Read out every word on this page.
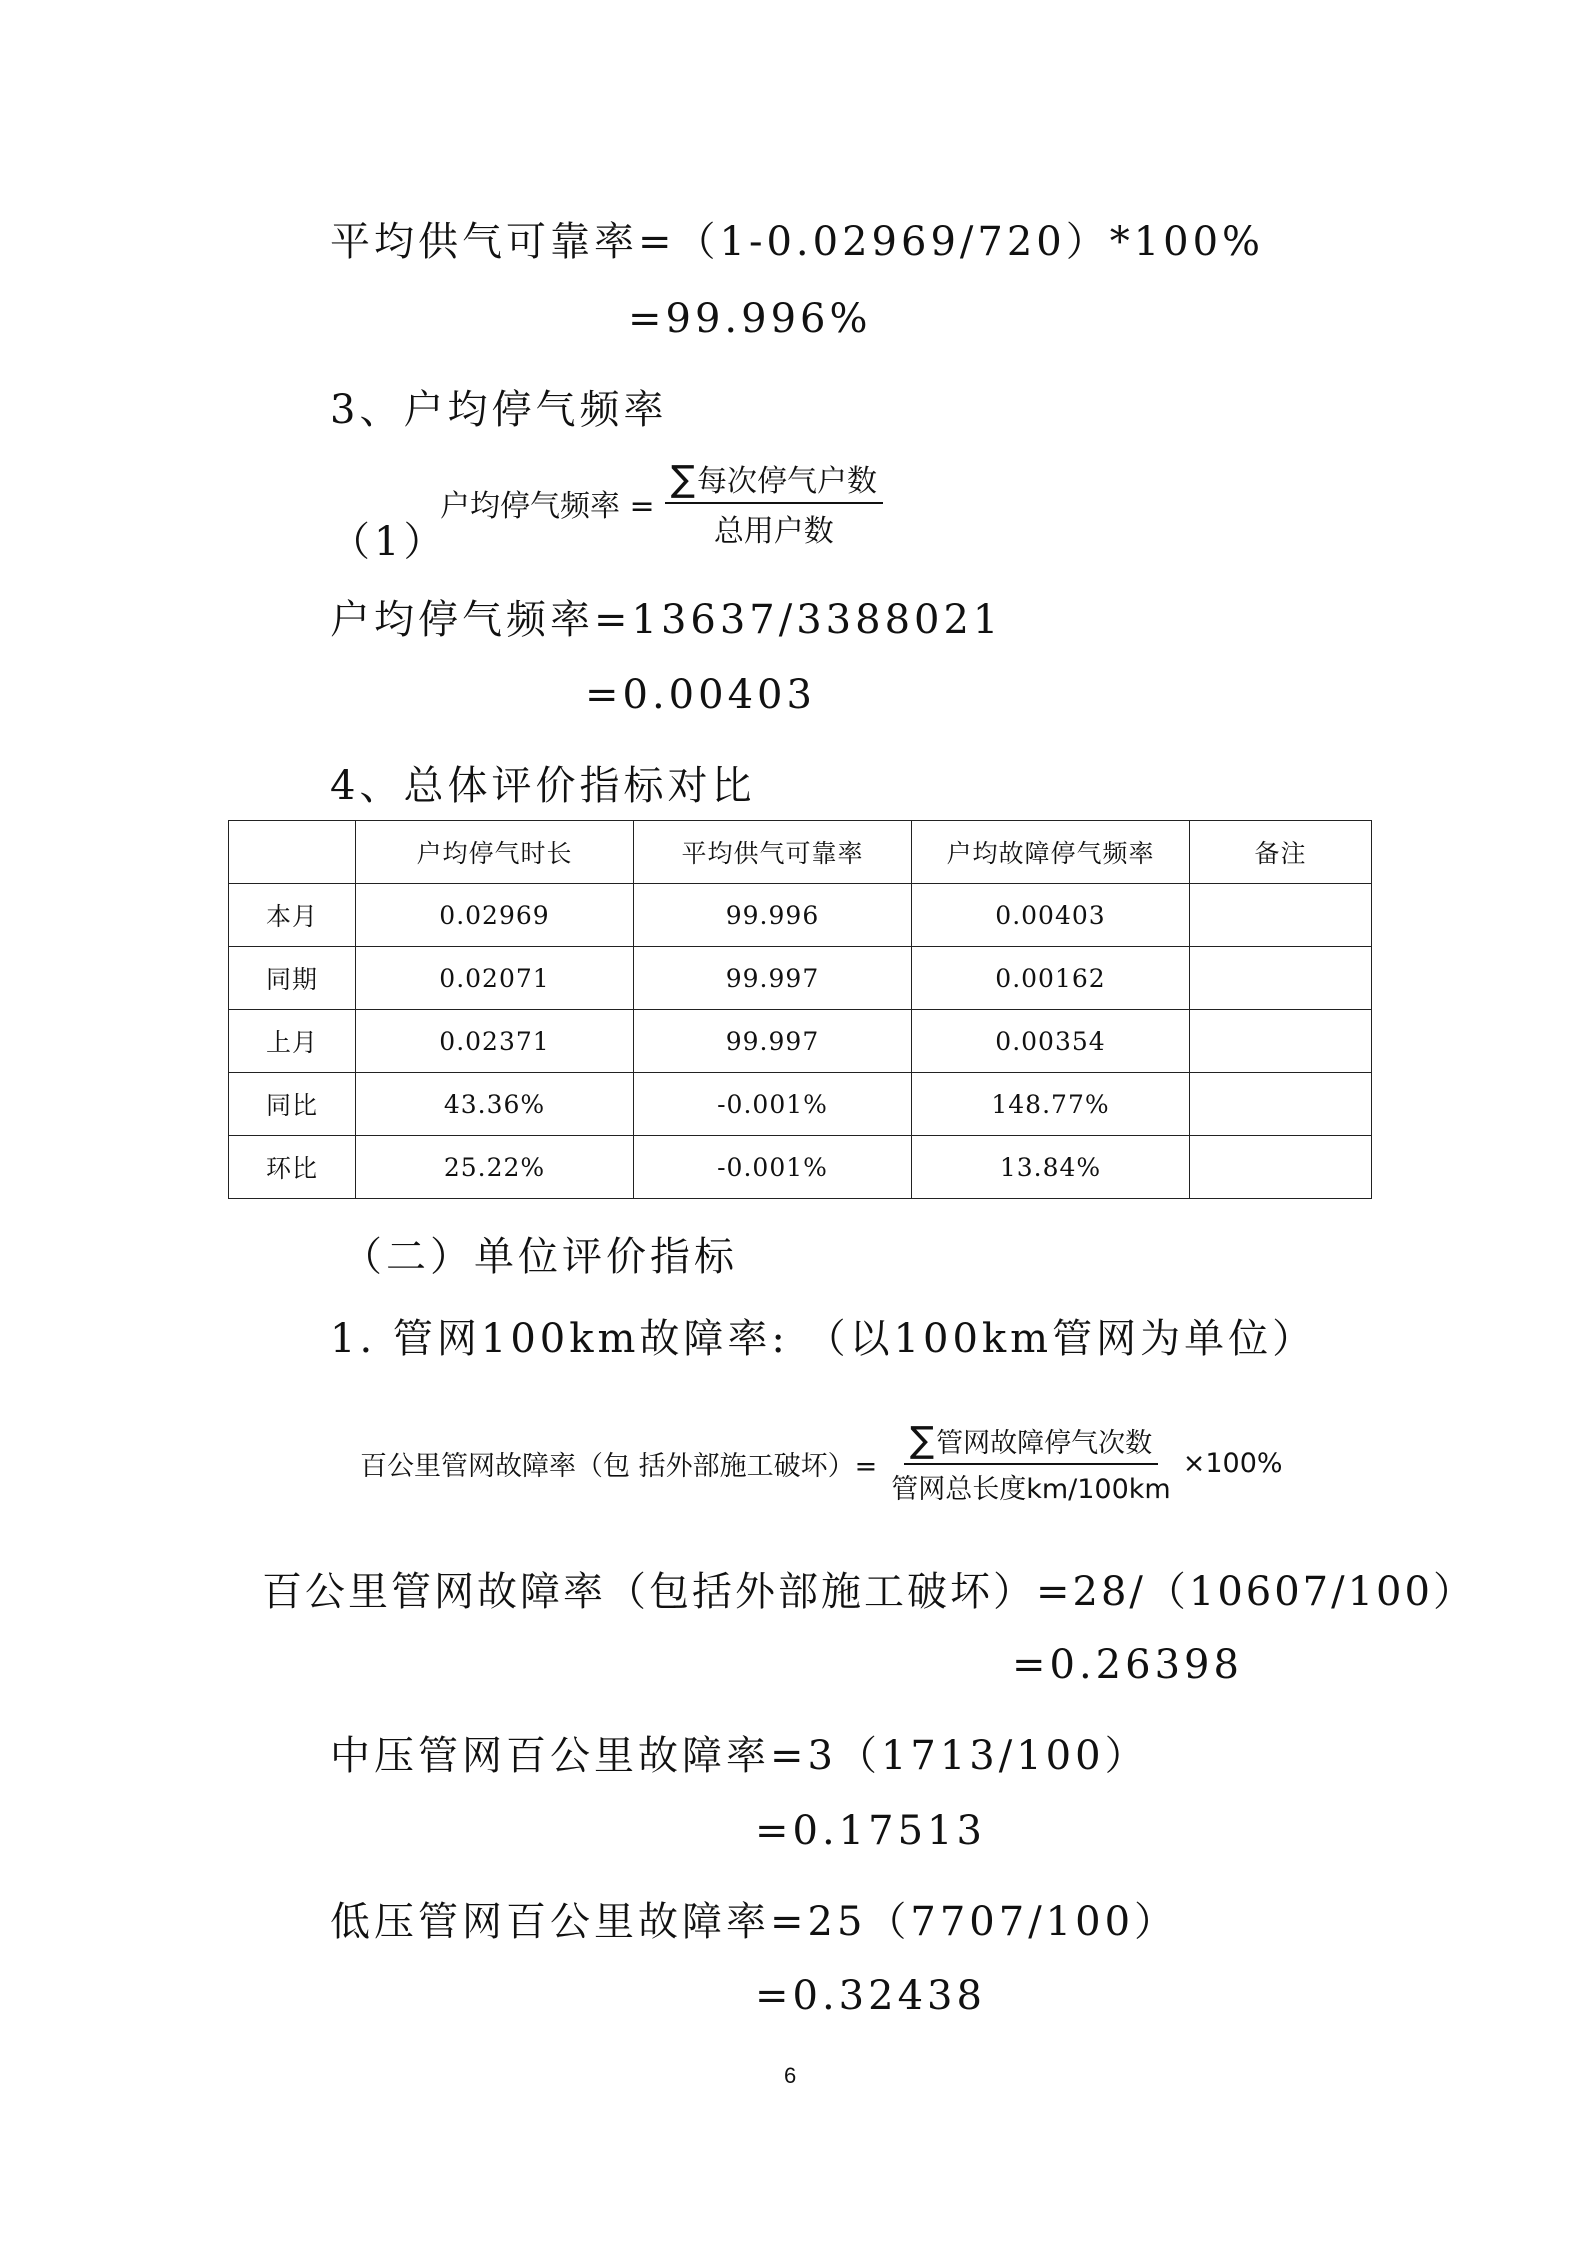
平均供气可靠率=（1-0.02969/720）*100%
=99.996%
3、户均停气频率
（1）
户均停气频率 = $\frac{\text{∑每次停气户数}}{\text{总用户数}}$
户均停气频率=13637/3388021
=0.00403
4、总体评价指标对比
	户均停气时长	平均供气可靠率	户均故障停气频率	备注
本月	0.02969	99.996	0.00403	
同期	0.02071	99.997	0.00162	
上月	0.02371	99.997	0.00354	
同比	43.36%	-0.001%	148.77%	
环比	25.22%	-0.001%	13.84%	
（二）单位评价指标
1. 管网100km故障率: （以100km管网为单位）
百公里管网故障率（包 括外部施工破坏）= $\frac{\text{∑管网故障停气次数}}{\text{管网总长度km/100km}} \times 100\%$
百公里管网故障率（包括外部施工破坏）=28/（10607/100）
=0.26398
中压管网百公里故障率=3（1713/100）
=0.17513
低压管网百公里故障率=25（7707/100）
=0.32438
6
